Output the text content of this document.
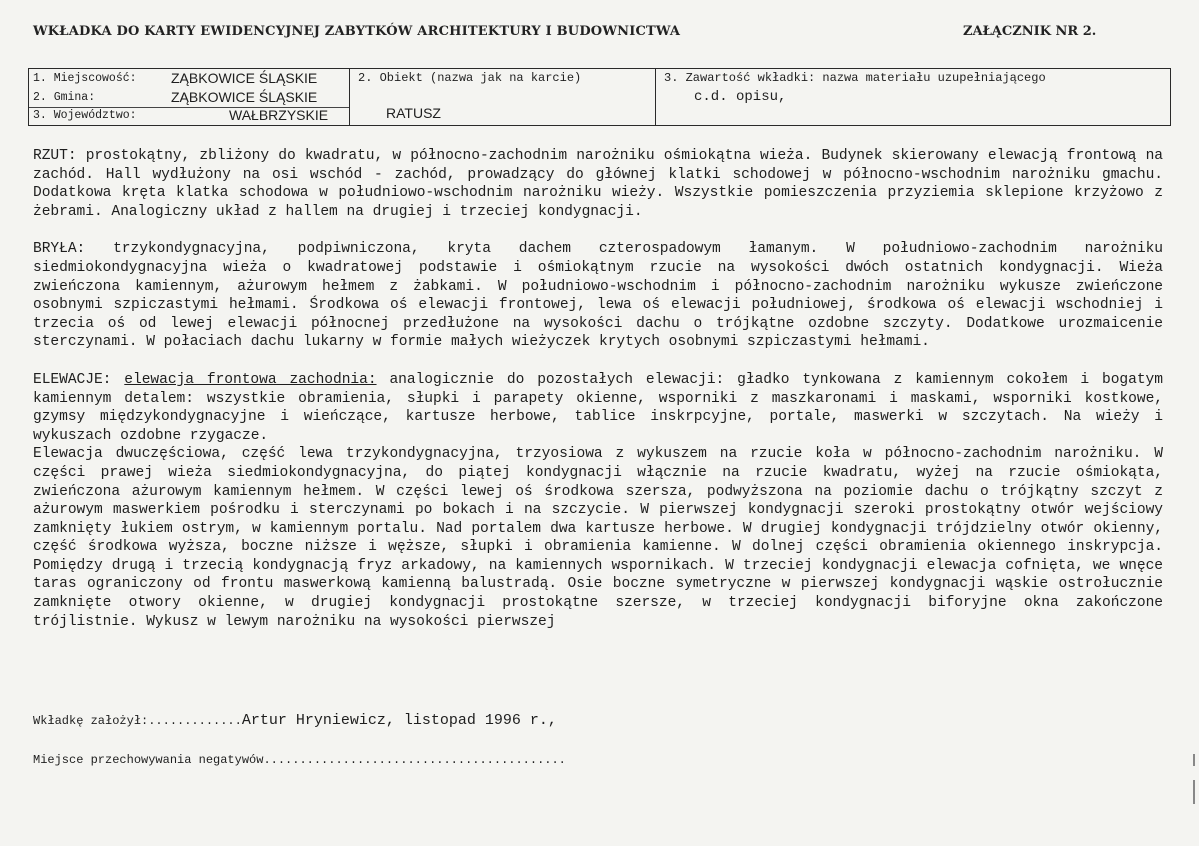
WKŁADKA DO KARTY EWIDENCYJNEJ ZABYTKÓW ARCHITEKTURY I BUDOWNICTWA	ZAŁĄCZNIK NR 2.
1. Miejscowość: ZĄBKOWICE ŚLĄSKIE
2. Gmina:	ZĄBKOWICE ŚLĄSKIE
3. Województwo:	WAŁBRZYSKIE
2. Obiekt (nazwa jak na karcie)
RATUSZ
3. Zawartość wkładki: nazwa materiału uzupełniającego
c.d. opisu,

RZUT: prostokątny, zbliżony do kwadratu, w północno-zachodnim narożniku ośmiokątna wieża. Budynek skierowany elewacją frontową na zachód. Hall wydłużony na osi wschód - zachód, prowadzący do głównej klatki schodowej w północno-wschodnim narożniku gmachu. Dodatkowa kręta klatka schodowa w południowo-wschodnim narożniku wieży. Wszystkie pomieszczenia przyziemia sklepione krzyżowo z żebrami. Analogiczny układ z hallem na drugiej i trzeciej kondygnacji.

BRYŁA: trzykondygnacyjna, podpiwniczona, kryta dachem czterospadowym łamanym. W południowo-zachodnim narożniku siedmiokondygnacyjna wieża o kwadratowej podstawie i ośmiokątnym rzucie na wysokości dwóch ostatnich kondygnacji. Wieża zwieńczona kamiennym, ażurowym hełmem z żabkami. W południowo-wschodnim i północno-zachodnim narożniku wykusze zwieńczone osobnymi szpiczastymi hełmami. Środkowa oś elewacji frontowej, lewa oś elewacji południowej, środkowa oś elewacji wschodniej i trzecia oś od lewej elewacji północnej przedłużone na wysokości dachu o trójkątne ozdobne szczyty. Dodatkowe urozmaicenie sterczynami. W połaciach dachu lukarny w formie małych wieżyczek krytych osobnymi szpiczastymi hełmami.

ELEWACJE: elewacja frontowa zachodnia: analogicznie do pozostałych elewacji: gładko tynkowana z kamiennym cokołem i bogatym kamiennym detalem: wszystkie obramienia, słupki i parapety okienne, wsporniki z maszkaronami i maskami, wsporniki kostkowe, gzymsy międzykondygnacyjne i wieńczące, kartusze herbowe, tablice inskrpcyjne, portale, maswerki w szczytach. Na wieży i wykuszach ozdobne rzygacze.

Elewacja dwuczęściowa, część lewa trzykondygnacyjna, trzyosiowa z wykuszem na rzucie koła w północno-zachodnim narożniku. W części prawej wieża siedmiokondygnacyjna, do piątej kondygnacji włącznie na rzucie kwadratu, wyżej na rzucie ośmiokąta, zwieńczona ażurowym kamiennym hełmem. W części lewej oś środkowa szersza, podwyższona na poziomie dachu o trójkątny szczyt z ażurowym maswerkiem pośrodku i sterczynami po bokach i na szczycie. W pierwszej kondygnacji szeroki prostokątny otwór wejściowy zamknięty łukiem ostrym, w kamiennym portalu. Nad portalem dwa kartusze herbowe. W drugiej kondygnacji trójdzielny otwór okienny, część środkowa wyższa, boczne niższe i węższe, słupki i obramienia kamienne. W dolnej części obramienia okiennego inskrypcja. Pomiędzy drugą i trzecią kondygnacją fryz arkadowy, na kamiennych wspornikach. W trzeciej kondygnacji elewacja cofnięta, we wnęce taras ograniczony od frontu maswerkową kamienną balustradą. Osie boczne symetryczne w pierwszej kondygnacji wąskie ostrołucznie zamknięte otwory okienne, w drugiej kondygnacji prostokątne szersze, w trzeciej kondygnacji biforyjne okna zakończone trójlistnie. Wykusz w lewym narożniku na wysokości pierwszej

Wkładkę założył:.............Artur Hryniewicz, listopad 1996 r.,
Miejsce przechowywania negatywów..........................................
